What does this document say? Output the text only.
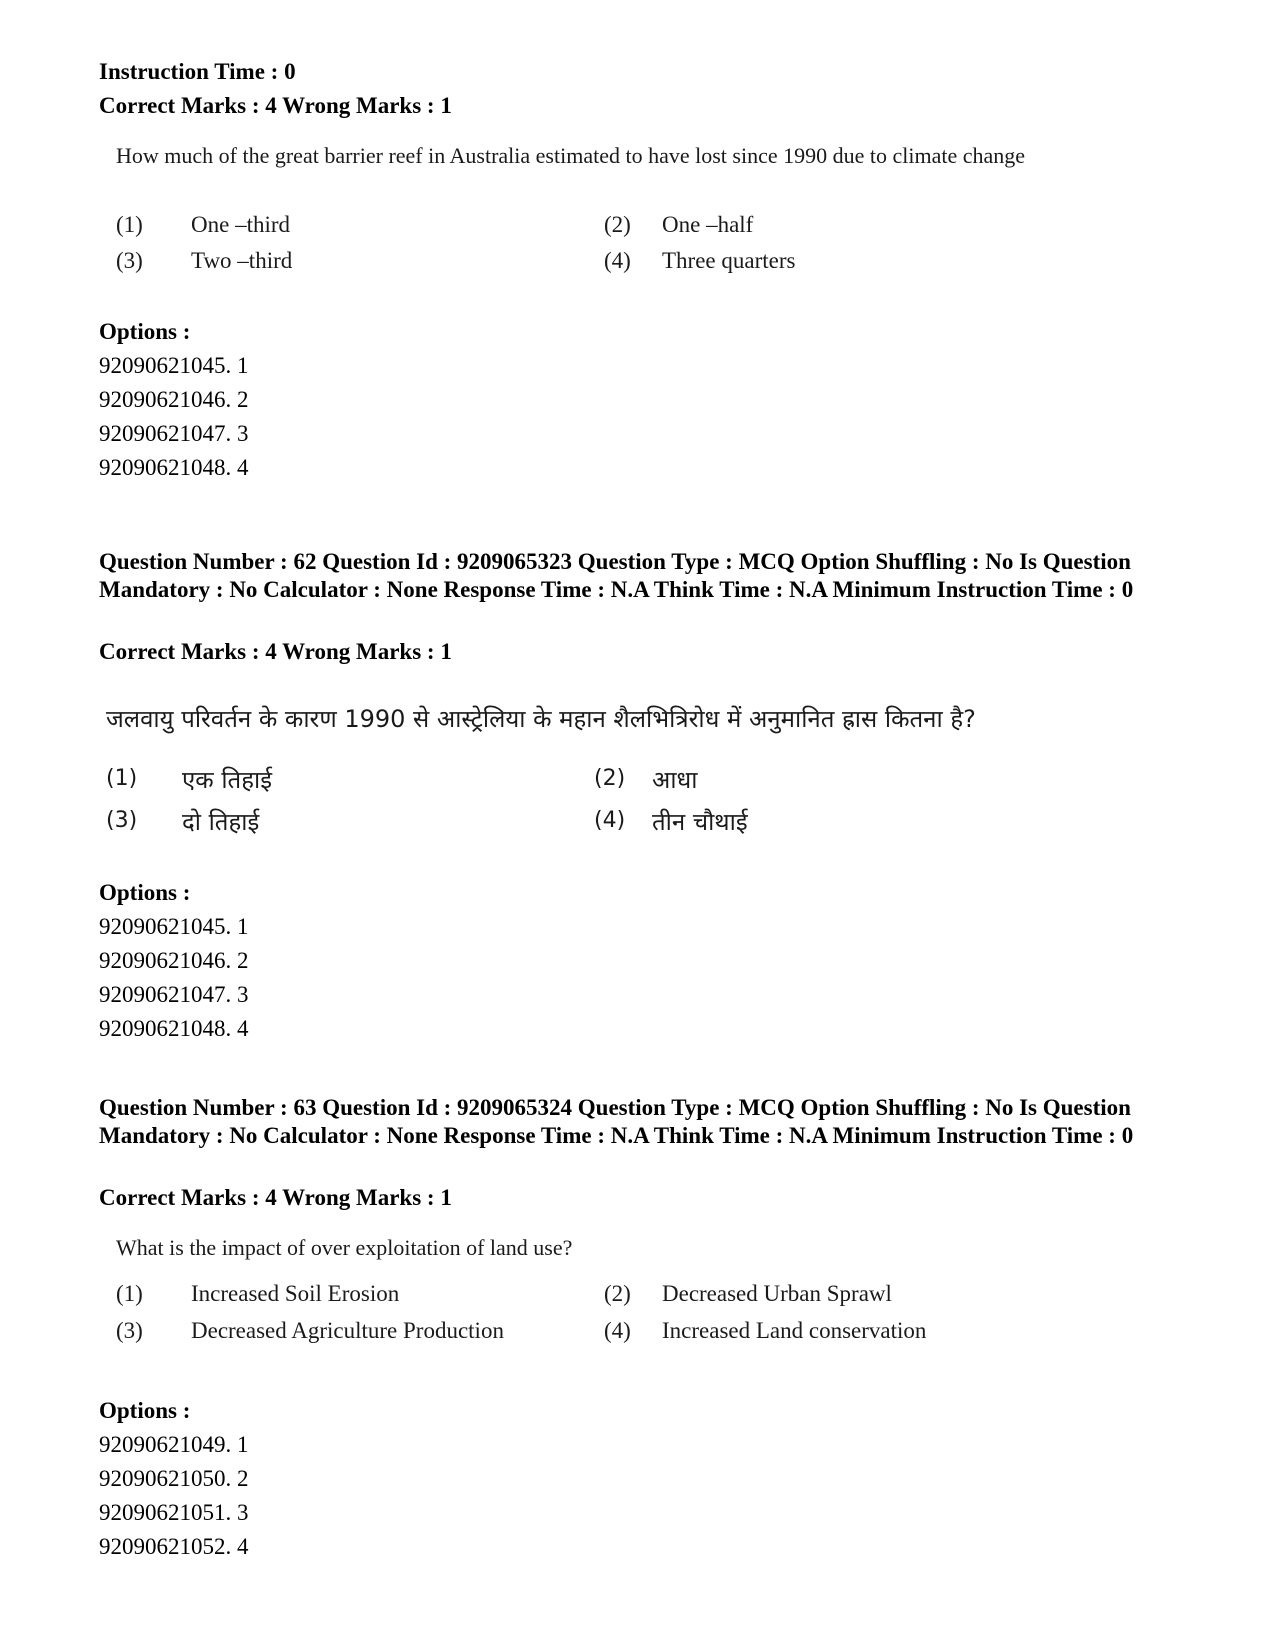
Instruction Time : 0
Correct Marks : 4 Wrong Marks : 1
How much of the great barrier reef in Australia estimated to have lost since 1990 due to climate change
(1) One –third	(2) One –half
(3) Two –third	(4) Three quarters
Options :
92090621045. 1
92090621046. 2
92090621047. 3
92090621048. 4
Question Number : 62 Question Id : 9209065323 Question Type : MCQ Option Shuffling : No Is Question Mandatory : No Calculator : None Response Time : N.A Think Time : N.A Minimum Instruction Time : 0
Correct Marks : 4 Wrong Marks : 1
जलवायु परिवर्तन के कारण 1990 से आस्ट्रेलिया के महान शैलभित्रिरोध में अनुमानित ह्रास कितना है?
(1) एक तिहाई	(2) आधा
(3) दो तिहाई	(4) तीन चौथाई
Options :
92090621045. 1
92090621046. 2
92090621047. 3
92090621048. 4
Question Number : 63 Question Id : 9209065324 Question Type : MCQ Option Shuffling : No Is Question Mandatory : No Calculator : None Response Time : N.A Think Time : N.A Minimum Instruction Time : 0
Correct Marks : 4 Wrong Marks : 1
What is the impact of over exploitation of land use?
(1) Increased Soil Erosion	(2) Decreased Urban Sprawl
(3) Decreased Agriculture Production	(4) Increased Land conservation
Options :
92090621049. 1
92090621050. 2
92090621051. 3
92090621052. 4
